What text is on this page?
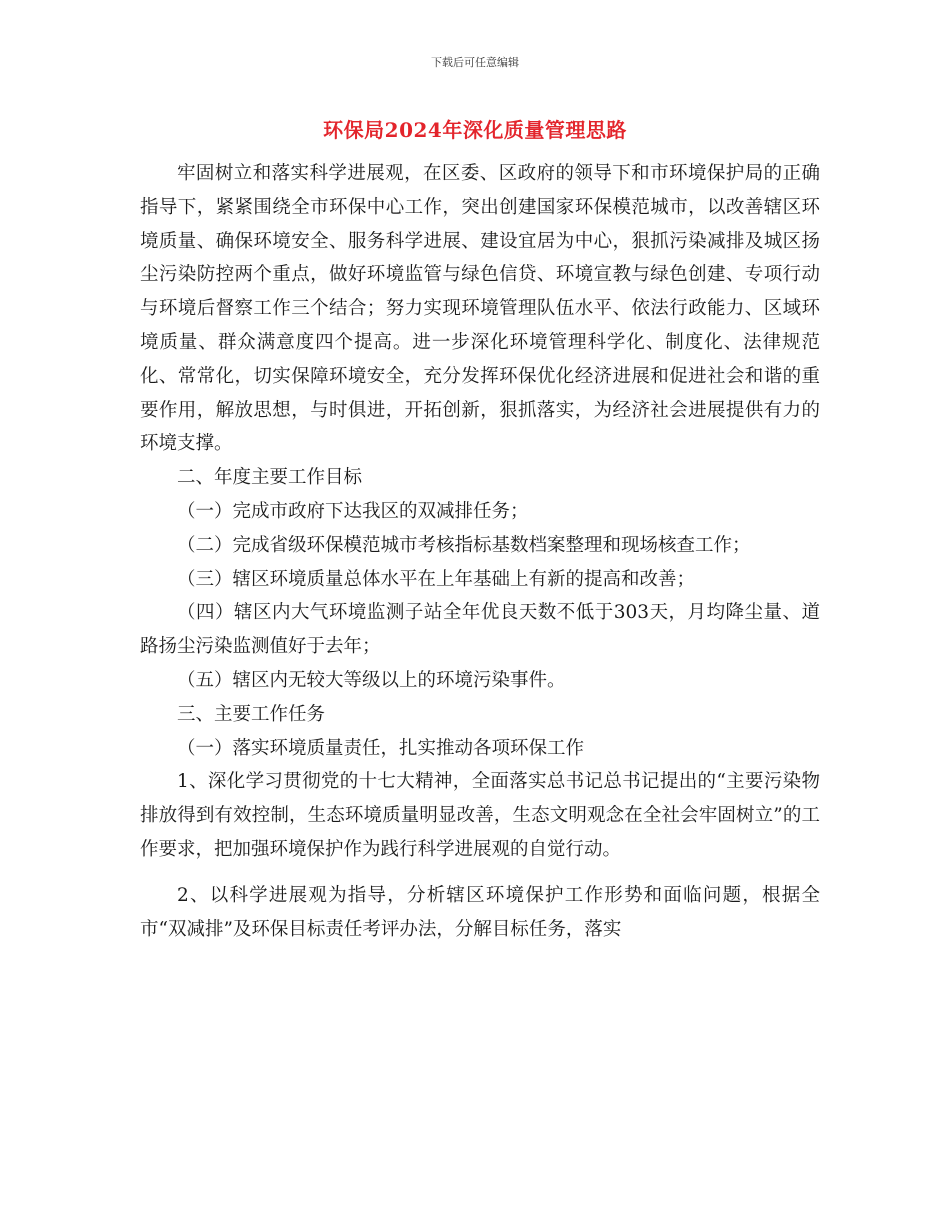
下载后可任意编辑
环保局2024年深化质量管理思路

牢固树立和落实科学进展观，在区委、区政府的领导下和市环境保护局的正确指导下，紧紧围绕全市环保中心工作，突出创建国家环保模范城市，以改善辖区环境质量、确保环境安全、服务科学进展、建设宜居为中心，狠抓污染减排及城区扬尘污染防控两个重点，做好环境监管与绿色信贷、环境宣教与绿色创建、专项行动与环境后督察工作三个结合；努力实现环境管理队伍水平、依法行政能力、区域环境质量、群众满意度四个提高。进一步深化环境管理科学化、制度化、法律规范化、常常化，切实保障环境安全，充分发挥环保优化经济进展和促进社会和谐的重要作用，解放思想，与时俱进，开拓创新，狠抓落实，为经济社会进展提供有力的环境支撑。

二、年度主要工作目标

（一）完成市政府下达我区的双减排任务；

（二）完成省级环保模范城市考核指标基数档案整理和现场核查工作；

（三）辖区环境质量总体水平在上年基础上有新的提高和改善；

（四）辖区内大气环境监测子站全年优良天数不低于303天，月均降尘量、道路扬尘污染监测值好于去年；

（五）辖区内无较大等级以上的环境污染事件。

三、主要工作任务

（一）落实环境质量责任，扎实推动各项环保工作

1、深化学习贯彻党的十七大精神，全面落实总书记总书记提出的“主要污染物排放得到有效控制，生态环境质量明显改善，生态文明观念在全社会牢固树立”的工作要求，把加强环境保护作为践行科学进展观的自觉行动。

2、以科学进展观为指导，分析辖区环境保护工作形势和面临问题，根据全市“双减排”及环保目标责任考评办法，分解目标任务，落实
